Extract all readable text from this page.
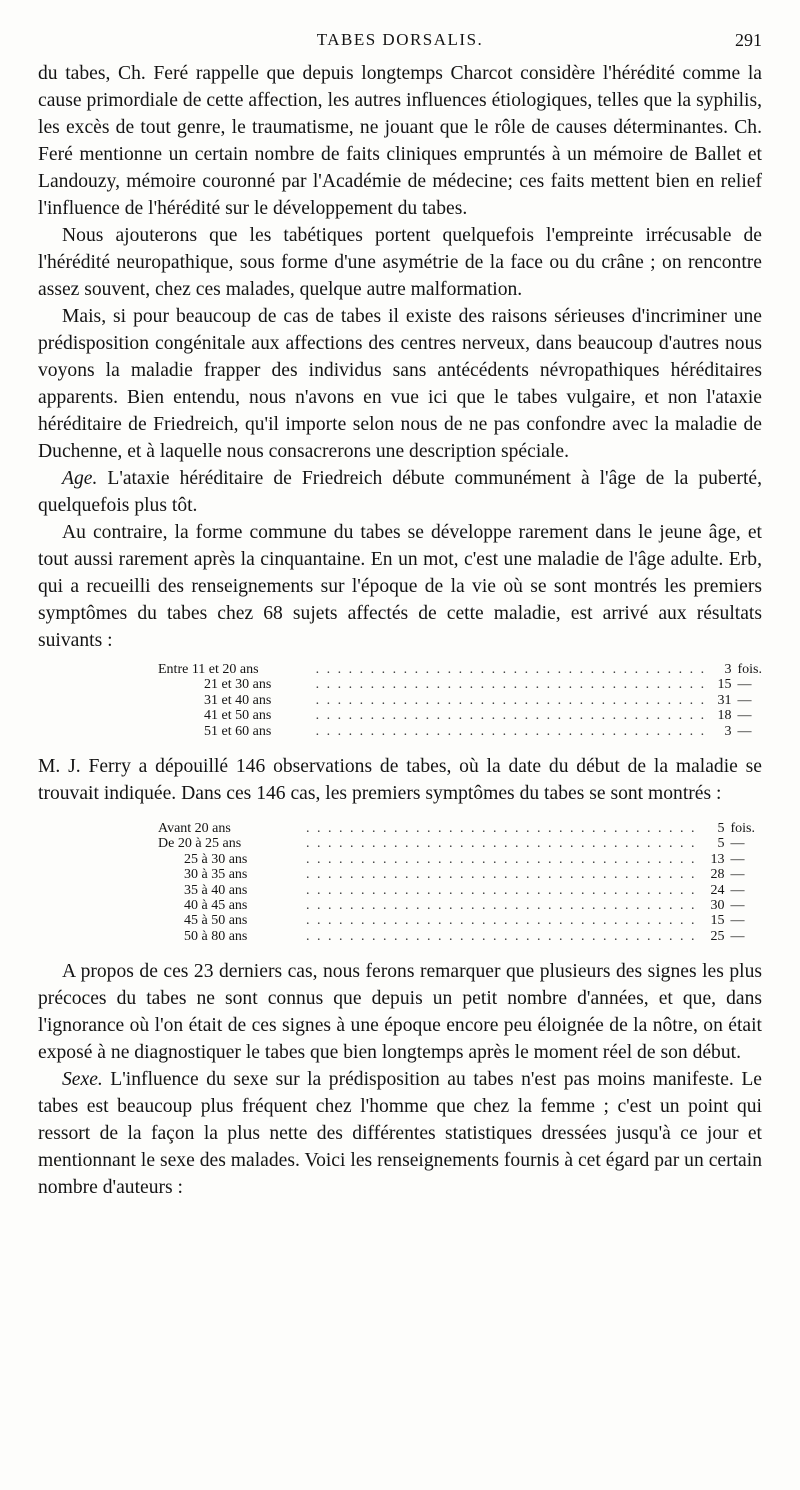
TABES DORSALIS.	291

du tabes, Ch. Feré rappelle que depuis longtemps Charcot considère l'hérédité comme la cause primordiale de cette affection, les autres influences étiologiques, telles que la syphilis, les excès de tout genre, le traumatisme, ne jouant que le rôle de causes déterminantes. Ch. Feré mentionne un certain nombre de faits cliniques empruntés à un mémoire de Ballet et Landouzy, mémoire couronné par l'Académie de médecine; ces faits mettent bien en relief l'influence de l'hérédité sur le développement du tabes.

Nous ajouterons que les tabétiques portent quelquefois l'empreinte irrécusable de l'hérédité neuropathique, sous forme d'une asymétrie de la face ou du crâne ; on rencontre assez souvent, chez ces malades, quelque autre malformation.

Mais, si pour beaucoup de cas de tabes il existe des raisons sérieuses d'incriminer une prédisposition congénitale aux affections des centres nerveux, dans beaucoup d'autres nous voyons la maladie frapper des individus sans antécédents névropathiques héréditaires apparents. Bien entendu, nous n'avons en vue ici que le tabes vulgaire, et non l'ataxie héréditaire de Friedreich, qu'il importe selon nous de ne pas confondre avec la maladie de Duchenne, et à laquelle nous consacrerons une description spéciale.

Age. L'ataxie héréditaire de Friedreich débute communément à l'âge de la puberté, quelquefois plus tôt.

Au contraire, la forme commune du tabes se développe rarement dans le jeune âge, et tout aussi rarement après la cinquantaine. En un mot, c'est une maladie de l'âge adulte. Erb, qui a recueilli des renseignements sur l'époque de la vie où se sont montrés les premiers symptômes du tabes chez 68 sujets affectés de cette maladie, est arrivé aux résultats suivants :

Entre 11 et 20 ans	. . . . . . . . . . . . . . . . . . . . . . . . . . . . . . . . . . . .	3	fois.
21 et 30 ans	. . . . . . . . . . . . . . . . . . . . . . . . . . . . . . . . . . . .	15	—
31 et 40 ans	. . . . . . . . . . . . . . . . . . . . . . . . . . . . . . . . . . . .	31	—
41 et 50 ans	. . . . . . . . . . . . . . . . . . . . . . . . . . . . . . . . . . . .	18	—
51 et 60 ans	. . . . . . . . . . . . . . . . . . . . . . . . . . . . . . . . . . . .	3	—

M. J. Ferry a dépouillé 146 observations de tabes, où la date du début de la maladie se trouvait indiquée. Dans ces 146 cas, les premiers symptômes du tabes se sont montrés :

Avant 20 ans	. . . . . . . . . . . . . . . . . . . . . . . . . . . . . . . . . . . .	5	fois.
De 20 à 25 ans	. . . . . . . . . . . . . . . . . . . . . . . . . . . . . . . . . . . .	5	—
25 à 30 ans	. . . . . . . . . . . . . . . . . . . . . . . . . . . . . . . . . . . .	13	—
30 à 35 ans	. . . . . . . . . . . . . . . . . . . . . . . . . . . . . . . . . . . .	28	—
35 à 40 ans	. . . . . . . . . . . . . . . . . . . . . . . . . . . . . . . . . . . .	24	—
40 à 45 ans	. . . . . . . . . . . . . . . . . . . . . . . . . . . . . . . . . . . .	30	—
45 à 50 ans	. . . . . . . . . . . . . . . . . . . . . . . . . . . . . . . . . . . .	15	—
50 à 80 ans	. . . . . . . . . . . . . . . . . . . . . . . . . . . . . . . . . . . .	25	—

A propos de ces 23 derniers cas, nous ferons remarquer que plusieurs des signes les plus précoces du tabes ne sont connus que depuis un petit nombre d'années, et que, dans l'ignorance où l'on était de ces signes à une époque encore peu éloignée de la nôtre, on était exposé à ne diagnostiquer le tabes que bien longtemps après le moment réel de son début.

Sexe. L'influence du sexe sur la prédisposition au tabes n'est pas moins manifeste. Le tabes est beaucoup plus fréquent chez l'homme que chez la femme ; c'est un point qui ressort de la façon la plus nette des différentes statistiques dressées jusqu'à ce jour et mentionnant le sexe des malades. Voici les renseignements fournis à cet égard par un certain nombre d'auteurs :
